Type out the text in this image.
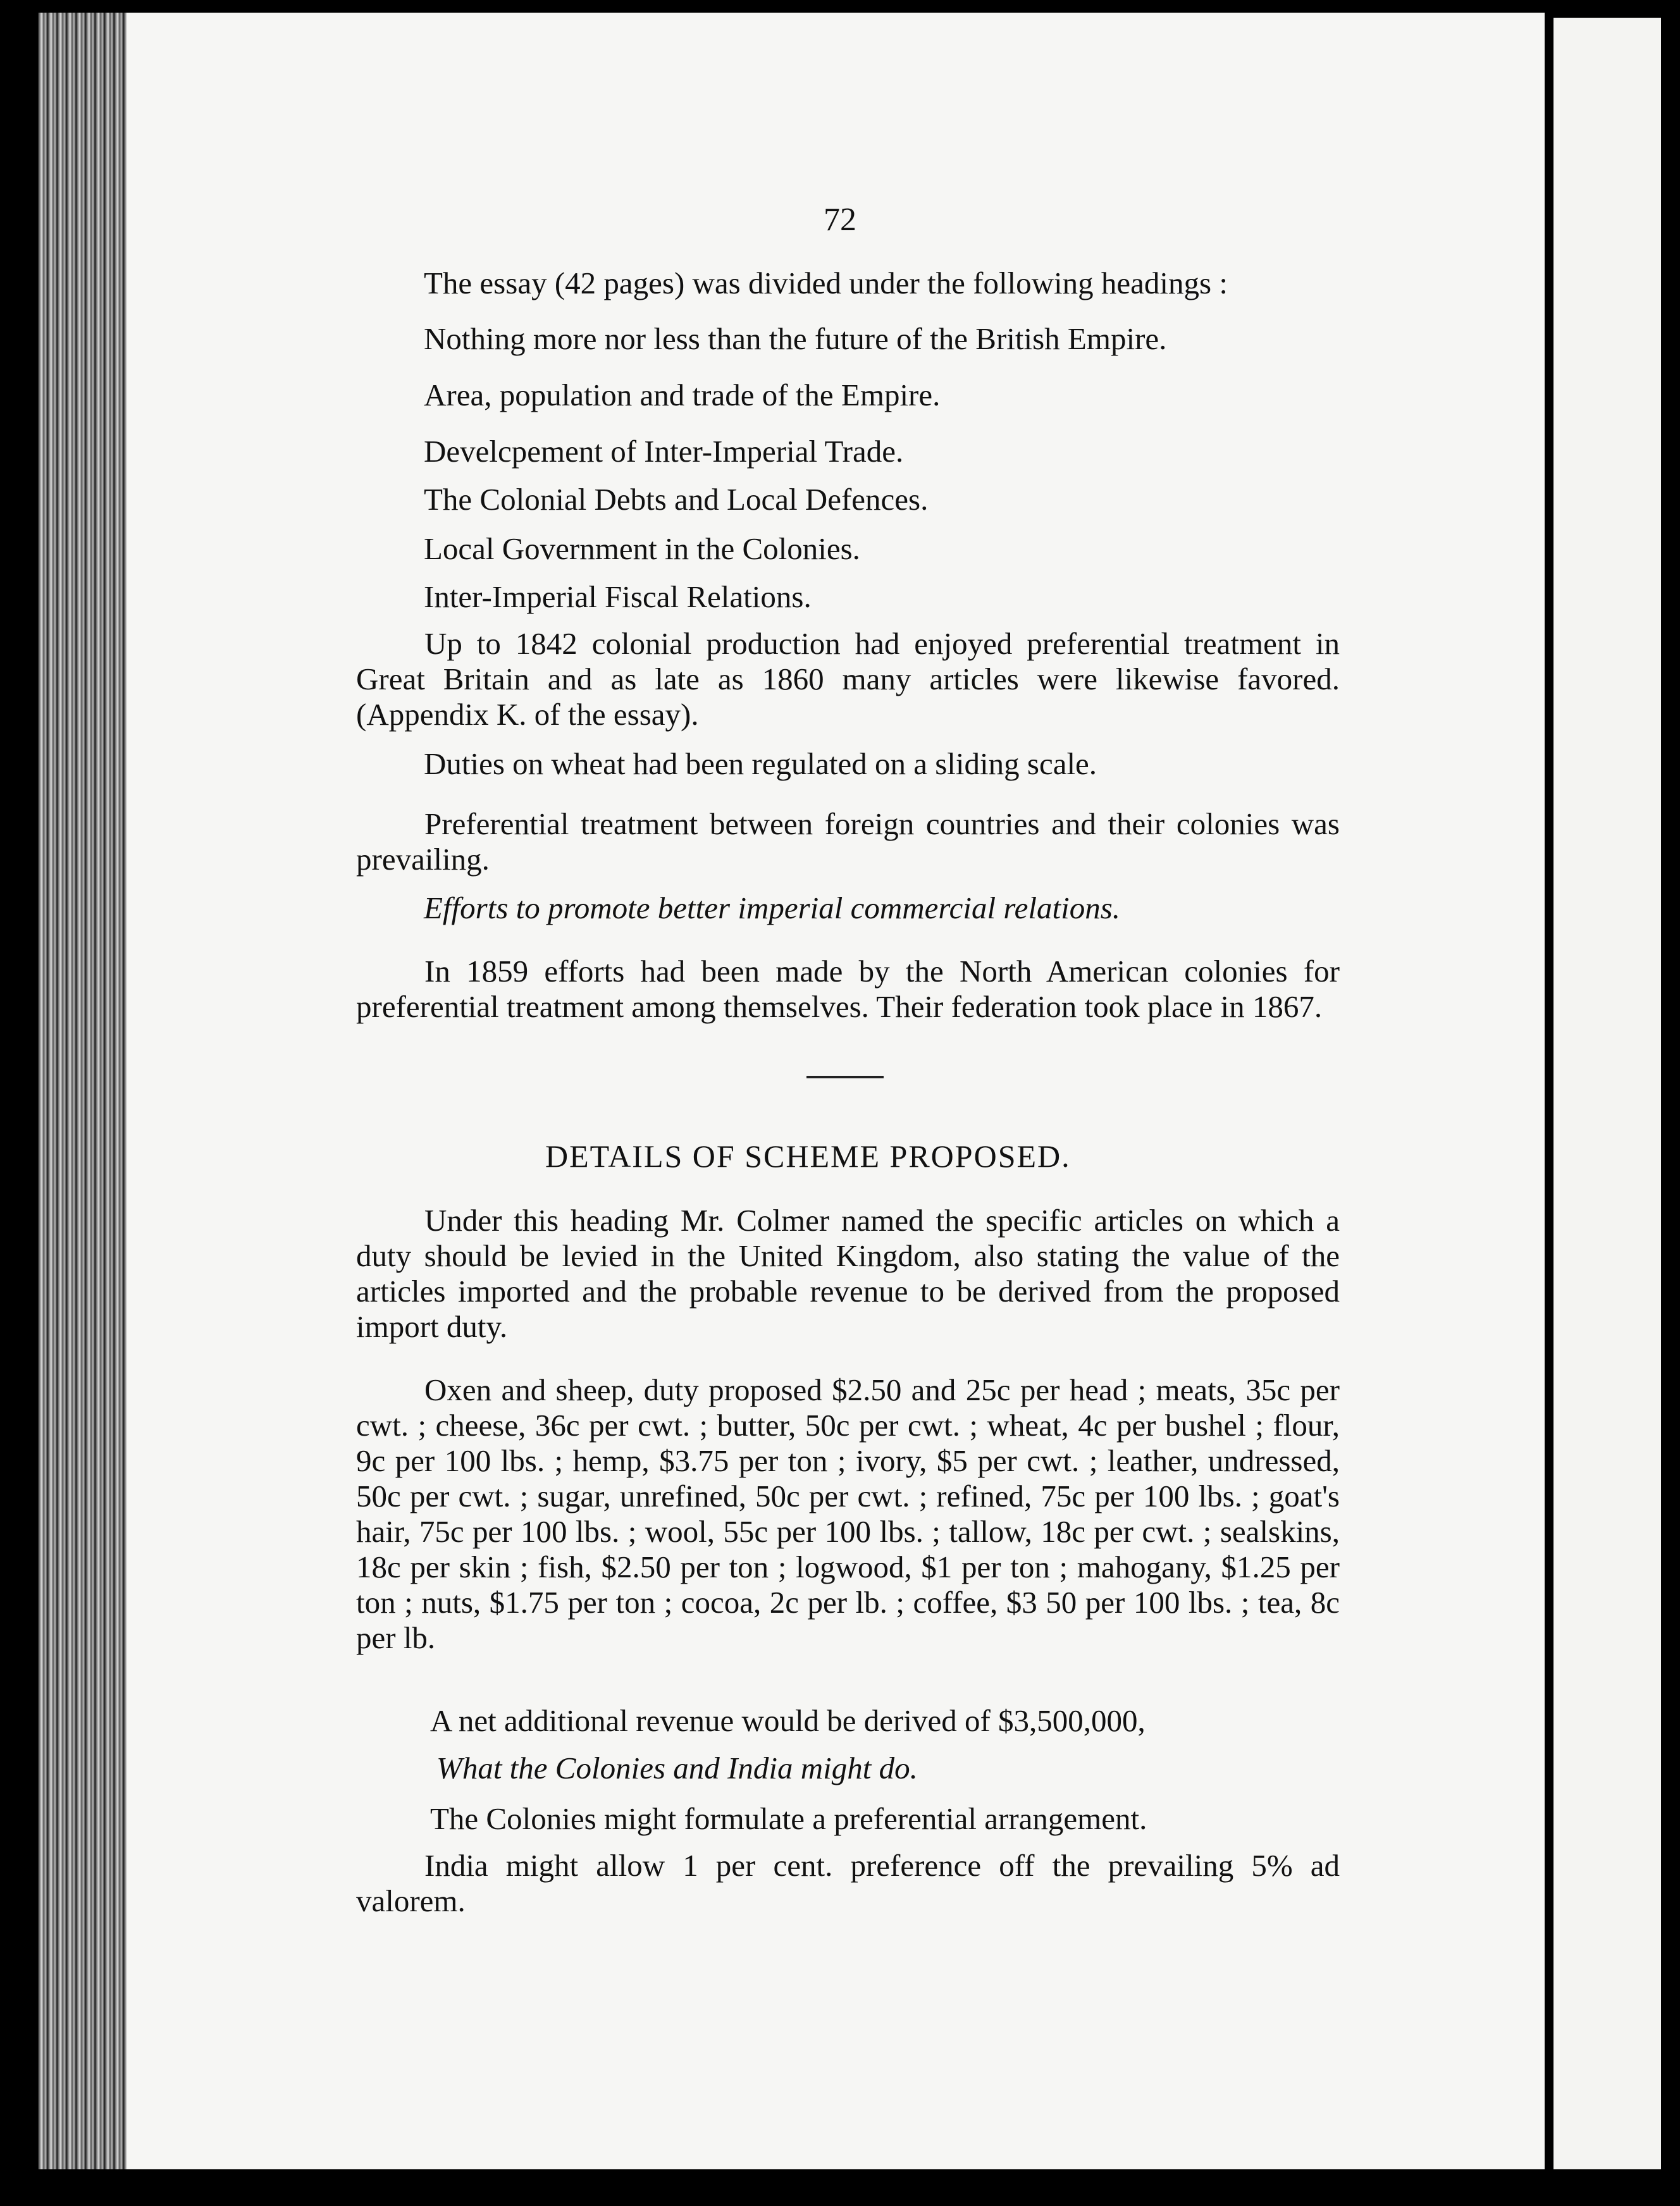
72
The essay (42 pages) was divided under the following headings :
Nothing more nor less than the future of the British Empire.
Area, population and trade of the Empire.
Develcpement of Inter-Imperial Trade.
The Colonial Debts and Local Defences.
Local Government in the Colonies.
Inter-Imperial Fiscal Relations.
Up to 1842 colonial production had enjoyed preferential treatment in Great Britain and as late as 1860 many articles were likewise favored. (Appendix K. of the essay).
Duties on wheat had been regulated on a sliding scale.
Preferential treatment between foreign countries and their colonies was prevailing.
Efforts to promote better imperial commercial relations.
In 1859 efforts had been made by the North American colonies for preferential treatment among themselves. Their federation took place in 1867.
DETAILS OF SCHEME PROPOSED.
Under this heading Mr. Colmer named the specific articles on which a duty should be levied in the United Kingdom, also stating the value of the articles imported and the probable revenue to be derived from the proposed import duty.
Oxen and sheep, duty proposed $2.50 and 25c per head ; meats, 35c per cwt. ; cheese, 36c per cwt. ; butter, 50c per cwt. ; wheat, 4c per bushel ; flour, 9c per 100 lbs. ; hemp, $3.75 per ton ; ivory, $5 per cwt. ; leather, undressed, 50c per cwt. ; sugar, unrefined, 50c per cwt. ; refined, 75c per 100 lbs. ; goat's hair, 75c per 100 lbs. ; wool, 55c per 100 lbs. ; tallow, 18c per cwt. ; sealskins, 18c per skin ; fish, $2.50 per ton ; logwood, $1 per ton ; mahogany, $1.25 per ton ; nuts, $1.75 per ton ; cocoa, 2c per lb. ; coffee, $3 50 per 100 lbs. ; tea, 8c per lb.
A net additional revenue would be derived of $3,500,000,
What the Colonies and India might do.
The Colonies might formulate a preferential arrangement.
India might allow 1 per cent. preference off the prevailing 5% ad valorem.
